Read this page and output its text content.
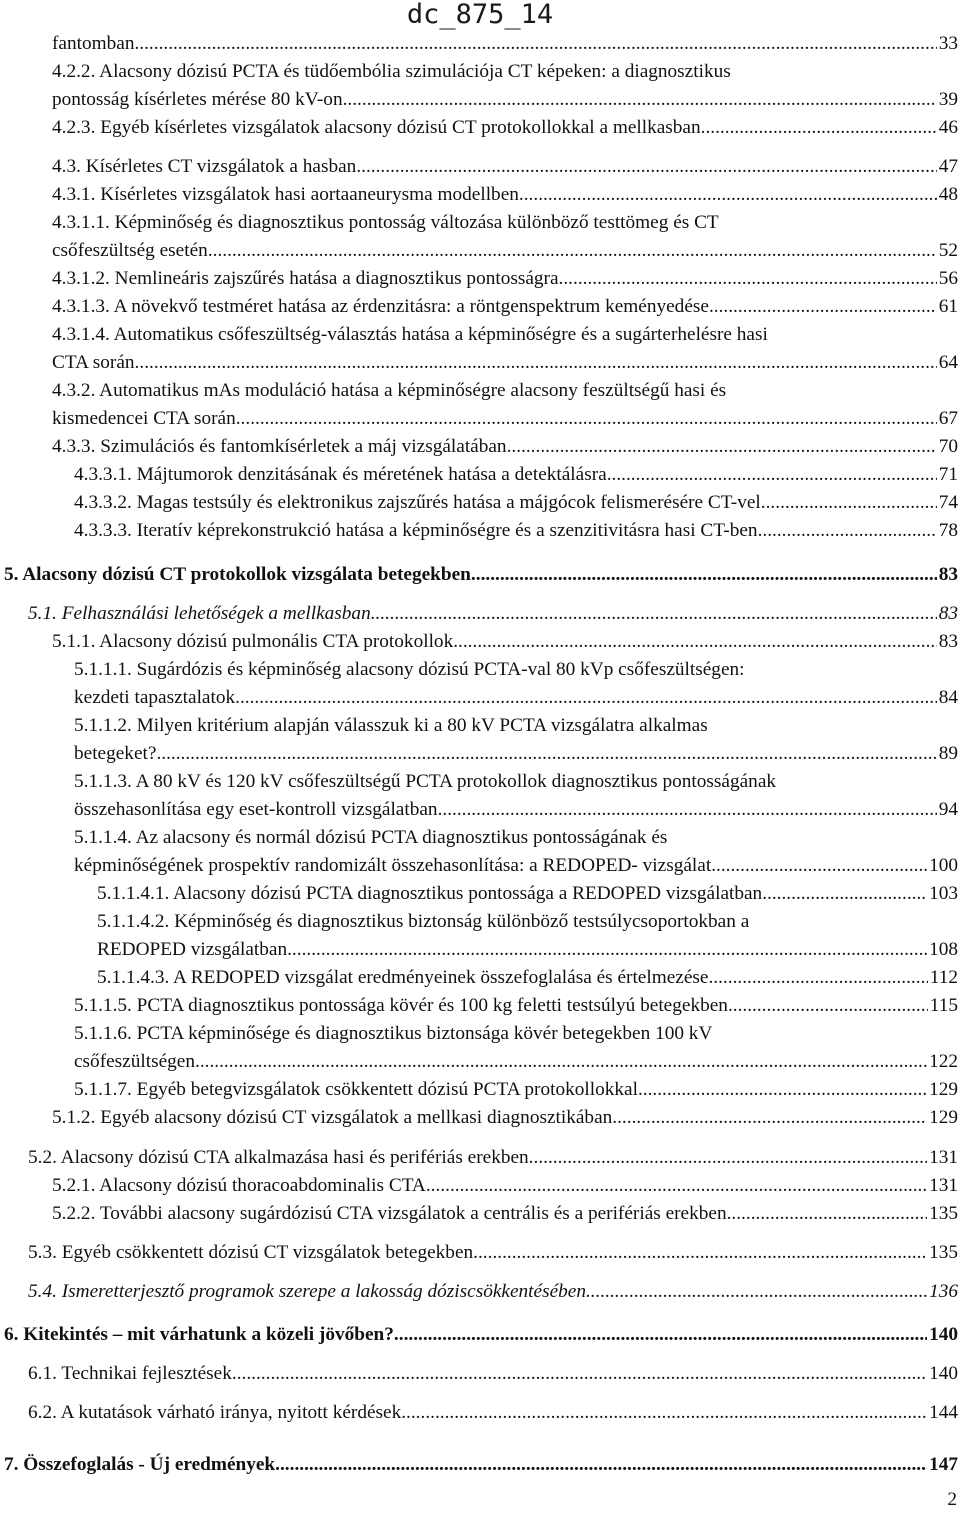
dc_875_14
fantomban .....	33
4.2.2. Alacsony dózisú PCTA és tüdőembólia szimulációja CT képeken: a diagnosztikus
pontosság kísérletes mérése 80 kV-on .....	39
4.2.3. Egyéb kísérletes vizsgálatok alacsony dózisú CT protokollokkal a mellkasban .....	46
4.3. Kísérletes CT vizsgálatok a hasban .....	47
4.3.1. Kísérletes vizsgálatok hasi aortaaneurysma modellben .....	48
4.3.1.1. Képminőség és diagnosztikus pontosság változása különböző testtömeg és CT
csőfeszültség esetén .....	52
4.3.1.2. Nemlineáris zajszűrés hatása a diagnosztikus pontosságra .....	56
4.3.1.3. A növekvő testméret hatása az érdenzitásra: a röntgenspektrum keményedése .....	61
4.3.1.4. Automatikus csőfeszültség-választás hatása a képminőségre és a sugárterhelésre hasi
CTA során .....	64
4.3.2. Automatikus mAs moduláció hatása a képminőségre alacsony feszültségű hasi és
kismedencei CTA során .....	67
4.3.3. Szimulációs és fantomkísérletek a máj vizsgálatában .....	70
4.3.3.1. Májtumorok denzitásának és méretének hatása a detektálásra .....	71
4.3.3.2. Magas testsúly és elektronikus zajszűrés hatása a májgócok felismerésére CT-vel .....	74
4.3.3.3. Iteratív képrekonstrukció hatása a képminőségre és a szenzitivitásra hasi CT-ben .....	78
5. Alacsony dózisú CT protokollok vizsgálata betegekben .....	83
5.1. Felhasználási lehetőségek a mellkasban .....	83
5.1.1. Alacsony dózisú pulmonális CTA protokollok .....	83
5.1.1.1. Sugárdózis és képminőség alacsony dózisú PCTA-val 80 kVp csőfeszültségen:
kezdeti tapasztalatok .....	84
5.1.1.2. Milyen kritérium alapján válasszuk ki a 80 kV PCTA vizsgálatra alkalmas
betegeket? .....	89
5.1.1.3. A 80 kV és 120 kV csőfeszültségű PCTA protokollok diagnosztikus pontosságának
összehasonlítása egy eset-kontroll vizsgálatban .....	94
5.1.1.4. Az alacsony és normál dózisú PCTA diagnosztikus pontosságának és
képminőségének prospektív randomizált összehasonlítása: a REDOPED- vizsgálat .....	100
5.1.1.4.1. Alacsony dózisú PCTA diagnosztikus pontossága a REDOPED vizsgálatban .....	103
5.1.1.4.2. Képminőség és diagnosztikus biztonság különböző testsúlycsoportokban a
REDOPED vizsgálatban .....	108
5.1.1.4.3. A REDOPED vizsgálat eredményeinek összefoglalása és értelmezése .....	112
5.1.1.5. PCTA diagnosztikus pontossága kövér és 100 kg feletti testsúlyú betegekben .....	115
5.1.1.6. PCTA képminősége és diagnosztikus biztonsága kövér betegekben 100 kV
csőfeszültségen .....	122
5.1.1.7. Egyéb betegvizsgálatok csökkentett dózisú PCTA protokollokkal .....	129
5.1.2. Egyéb alacsony dózisú CT vizsgálatok a mellkasi diagnosztikában .....	129
5.2. Alacsony dózisú CTA alkalmazása hasi és perifériás erekben .....	131
5.2.1. Alacsony dózisú thoracoabdominalis CTA .....	131
5.2.2. További alacsony sugárdózisú CTA vizsgálatok a centrális és a perifériás erekben .....	135
5.3. Egyéb csökkentett dózisú CT vizsgálatok betegekben .....	135
5.4. Ismeretterjesztő programok szerepe a lakosság dóziscsökkentésében .....	136
6. Kitekintés – mit várhatunk a közeli jövőben? .....	140
6.1. Technikai fejlesztések .....	140
6.2. A kutatások várható iránya, nyitott kérdések .....	144
7. Összefoglalás - Új eredmények .....	147
2
